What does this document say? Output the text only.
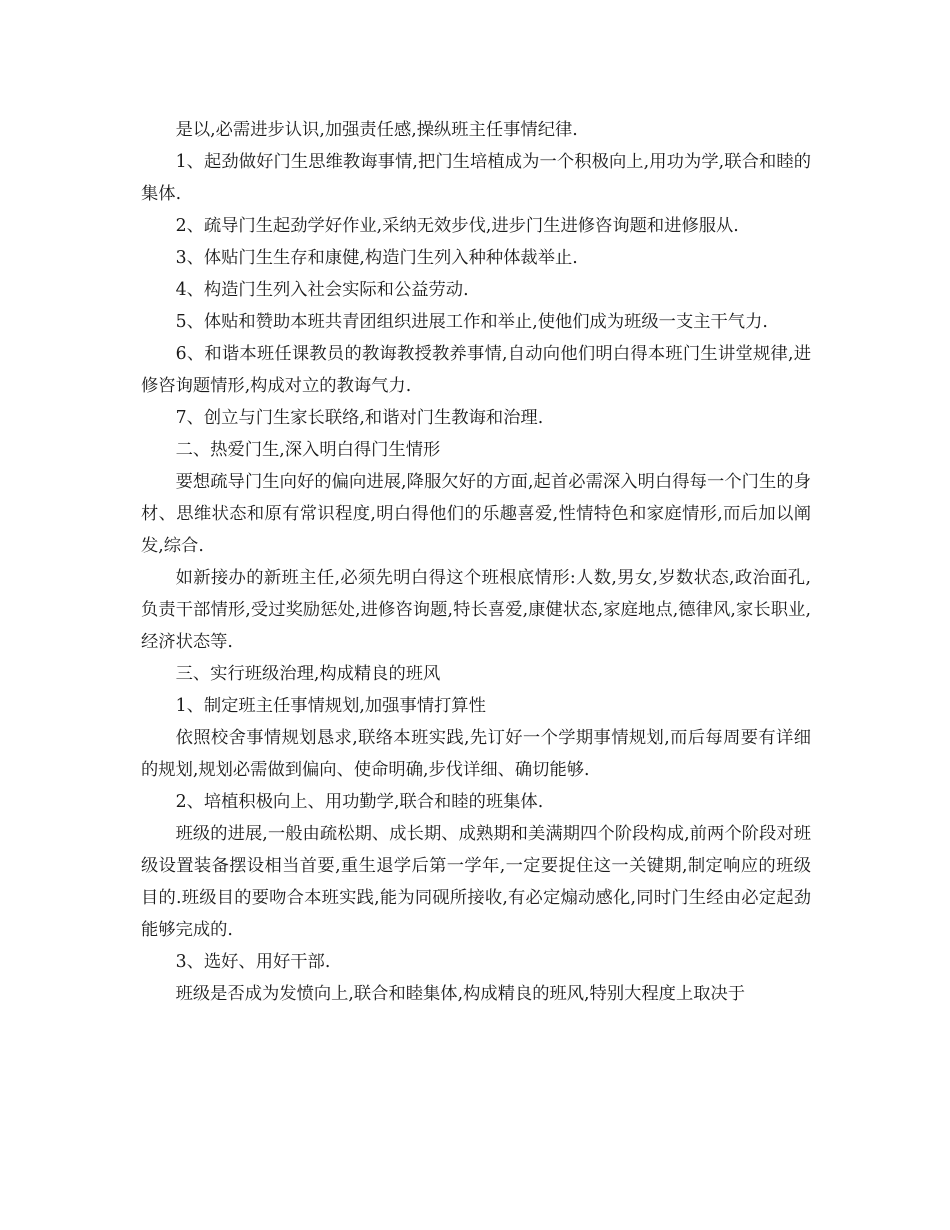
是以,必需进步认识,加强责任感,操纵班主任事情纪律.

1、起劲做好门生思维教诲事情,把门生培植成为一个积极向上,用功为学,联合和睦的集体.

2、疏导门生起劲学好作业,采纳无效步伐,进步门生进修咨询题和进修服从.

3、体贴门生生存和康健,构造门生列入种种体裁举止.

4、构造门生列入社会实际和公益劳动.

5、体贴和赞助本班共青团组织进展工作和举止,使他们成为班级一支主干气力.

6、和谐本班任课教员的教诲教授教养事情,自动向他们明白得本班门生讲堂规律,进修咨询题情形,构成对立的教诲气力.

7、创立与门生家长联络,和谐对门生教诲和治理.

二、热爱门生,深入明白得门生情形

要想疏导门生向好的偏向进展,降服欠好的方面,起首必需深入明白得每一个门生的身材、思维状态和原有常识程度,明白得他们的乐趣喜爱,性情特色和家庭情形,而后加以阐发,综合.

如新接办的新班主任,必须先明白得这个班根底情形:人数,男女,岁数状态,政治面孔,负责干部情形,受过奖励惩处,进修咨询题,特长喜爱,康健状态,家庭地点,德律风,家长职业,经济状态等.

三、实行班级治理,构成精良的班风

1、制定班主任事情规划,加强事情打算性

依照校舍事情规划恳求,联络本班实践,先订好一个学期事情规划,而后每周要有详细的规划,规划必需做到偏向、使命明确,步伐详细、确切能够.

2、培植积极向上、用功勤学,联合和睦的班集体.

班级的进展,一般由疏松期、成长期、成熟期和美满期四个阶段构成,前两个阶段对班级设置装备摆设相当首要,重生退学后第一学年,一定要捉住这一关键期,制定响应的班级目的.班级目的要吻合本班实践,能为同砚所接收,有必定煽动感化,同时门生经由必定起劲能够完成的.

3、选好、用好干部.

班级是否成为发愤向上,联合和睦集体,构成精良的班风,特别大程度上取决于
